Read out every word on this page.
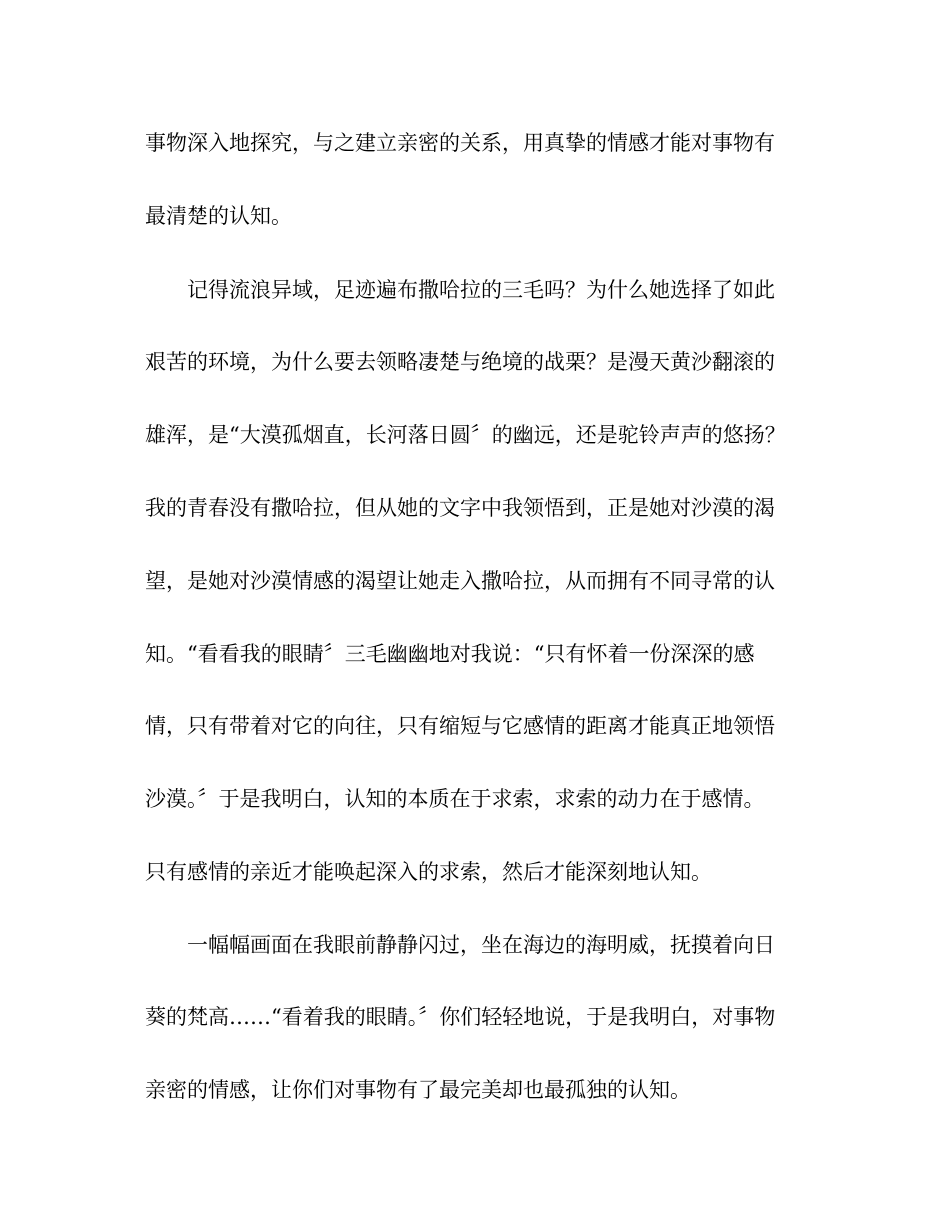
事物深入地探究，与之建立亲密的关系，用真挚的情感才能对事物有
最清楚的认知。
记得流浪异域，足迹遍布撒哈拉的三毛吗？为什么她选择了如此
艰苦的环境，为什么要去领略凄楚与绝境的战栗？是漫天黄沙翻滚的
雄浑，是“大漠孤烟直，长河落日圆〞的幽远，还是驼铃声声的悠扬？
我的青春没有撒哈拉，但从她的文字中我领悟到，正是她对沙漠的渴
望，是她对沙漠情感的渴望让她走入撒哈拉，从而拥有不同寻常的认
知。“看看我的眼睛〞三毛幽幽地对我说：“只有怀着一份深深的感
情，只有带着对它的向往，只有缩短与它感情的距离才能真正地领悟
沙漠。〞于是我明白，认知的本质在于求索，求索的动力在于感情。
只有感情的亲近才能唤起深入的求索，然后才能深刻地认知。
一幅幅画面在我眼前静静闪过，坐在海边的海明威，抚摸着向日
葵的梵高……“看着我的眼睛。〞你们轻轻地说，于是我明白，对事物
亲密的情感，让你们对事物有了最完美却也最孤独的认知。
